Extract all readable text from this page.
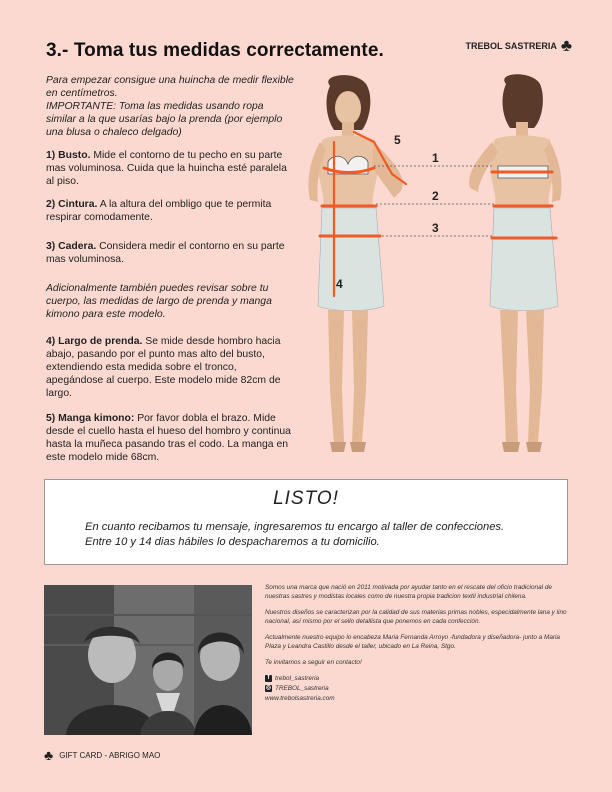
3.- Toma tus medidas correctamente.	TREBOL SASTRERIA ♣

Para empezar consigue una huincha de medir flexible en centímetros.

IMPORTANTE: Toma las medidas usando ropa similar a la que usarías bajo la prenda (por ejemplo una blusa o chaleco delgado)

1) Busto. Mide el contorno de tu pecho en su parte mas voluminosa. Cuida que la huincha esté paralela al piso.

2) Cintura. A la altura del ombligo que te permita respirar comodamente.

3) Cadera. Considera medir el contorno en su parte mas voluminosa.

Adicionalmente también puedes revisar sobre tu cuerpo, las medidas de largo de prenda y manga kimono para este modelo.

4) Largo de prenda. Se mide desde hombro hacia abajo, pasando por el punto mas alto del busto, extendiendo esta medida sobre el tronco, apegándose al cuerpo. Este modelo mide 82cm de largo.

5) Manga kimono: Por favor dobla el brazo. Mide desde el cuello hasta el hueso del hombro y continua hasta la muñeca pasando tras el codo. La manga en este modelo mide 68cm.

1
2
3
4
5
LISTO!
En cuanto recibamos tu mensaje, ingresaremos tu encargo al taller de confecciones.
Entre 10 y 14 dias hábiles lo despacharemos a tu domicilio.

Somos una marca que nació en 2011 motivada por ayudar tanto en el rescate del oficio tradicional de nuestras sastres y modistas locales como de nuestra propia tradicion textil industrial chilena.

Nuestros diseños se caracterizan por la calidad de sus materias primas nobles, especidalmente lana y lino nacional, así mismo por el sello detallista que ponemos en cada confección.

Actualmente nuestro equipo lo encabeza Maria Fernanda Arroyo -fundadora y diseñadora- junto a Maria Plaza y Leandra Castillo desde el taller, ubicado en La Reina, Stgo.

Te invitamos a seguir en contacto!

f trebol_sastreria
◎ TREBOL_sastreria
www.trebolsastreria.com
♣ GIFT CARD - ABRIGO MAO
